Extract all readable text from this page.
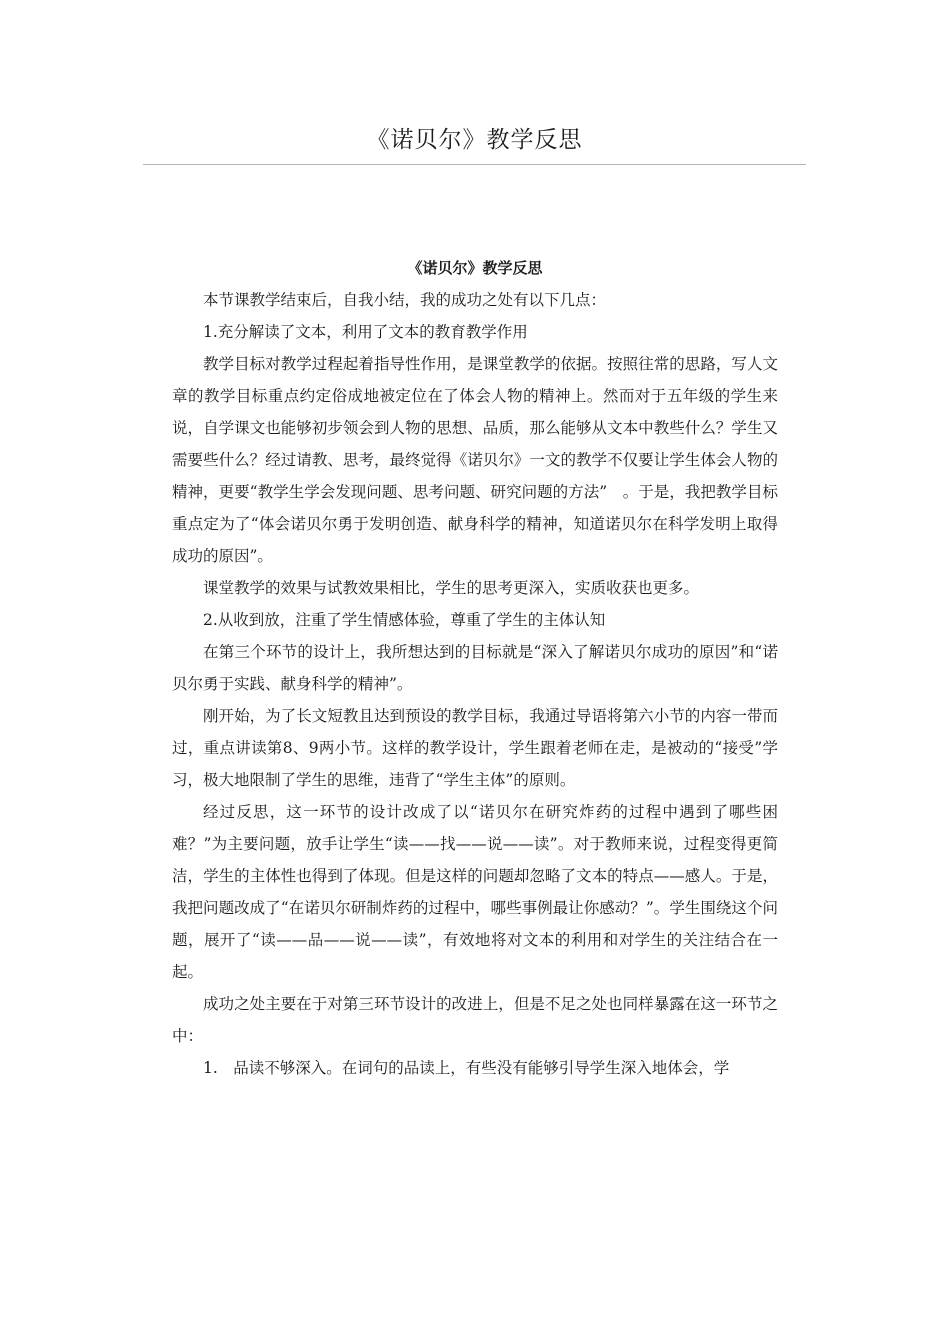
《诺贝尔》教学反思

《诺贝尔》教学反思

本节课教学结束后，自我小结，我的成功之处有以下几点：

1.充分解读了文本，利用了文本的教育教学作用

教学目标对教学过程起着指导性作用，是课堂教学的依据。按照往常的思路，写人文章的教学目标重点约定俗成地被定位在了体会人物的精神上。然而对于五年级的学生来说，自学课文也能够初步领会到人物的思想、品质，那么能够从文本中教些什么？学生又需要些什么？经过请教、思考，最终觉得《诺贝尔》一文的教学不仅要让学生体会人物的精神，更要“教学生学会发现问题、思考问题、研究问题的方法”　。于是，我把教学目标重点定为了“体会诺贝尔勇于发明创造、献身科学的精神，知道诺贝尔在科学发明上取得成功的原因”。

课堂教学的效果与试教效果相比，学生的思考更深入，实质收获也更多。

2.从收到放，注重了学生情感体验，尊重了学生的主体认知

在第三个环节的设计上，我所想达到的目标就是“深入了解诺贝尔成功的原因”和“诺贝尔勇于实践、献身科学的精神”。

刚开始，为了长文短教且达到预设的教学目标，我通过导语将第六小节的内容一带而过，重点讲读第8、9两小节。这样的教学设计，学生跟着老师在走，是被动的“接受”学习，极大地限制了学生的思维，违背了“学生主体”的原则。

经过反思，这一环节的设计改成了以“诺贝尔在研究炸药的过程中遇到了哪些困难？”为主要问题，放手让学生“读——找——说——读”。对于教师来说，过程变得更简洁，学生的主体性也得到了体现。但是这样的问题却忽略了文本的特点——感人。于是，我把问题改成了“在诺贝尔研制炸药的过程中，哪些事例最让你感动？”。学生围绕这个问题，展开了“读——品——说——读”，有效地将对文本的利用和对学生的关注结合在一起。

成功之处主要在于对第三环节设计的改进上，但是不足之处也同样暴露在这一环节之中：

1.　品读不够深入。在词句的品读上，有些没有能够引导学生深入地体会，学
